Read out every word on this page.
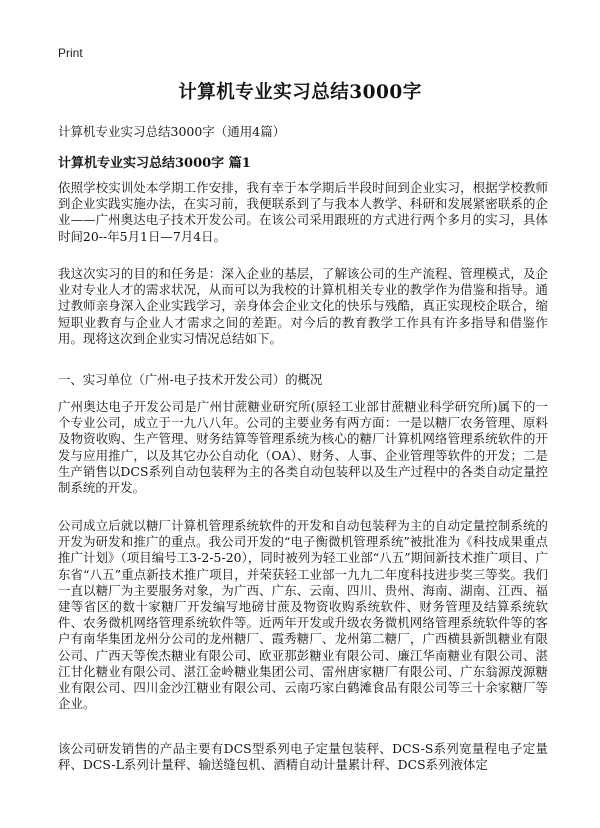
Print
计算机专业实习总结3000字
计算机专业实习总结3000字（通用4篇）
计算机专业实习总结3000字 篇1
依照学校实训处本学期工作安排，我有幸于本学期后半段时间到企业实习，根据学校教师到企业实践实施办法，在实习前，我便联系到了与我本人教学、科研和发展紧密联系的企业——广州奥达电子技术开发公司。在该公司采用跟班的方式进行两个多月的实习，具体时间20--年5月1日—7月4日。
我这次实习的目的和任务是：深入企业的基层，了解该公司的生产流程、管理模式，及企业对专业人才的需求状况，从而可以为我校的计算机相关专业的教学作为借鉴和指导。通过教师亲身深入企业实践学习，亲身体会企业文化的快乐与残酷，真正实现校企联合，缩短职业教育与企业人才需求之间的差距。对今后的教育教学工作具有许多指导和借鉴作用。现将这次到企业实习情况总结如下。
一、实习单位（广州-电子技术开发公司）的概况
广州奥达电子开发公司是广州甘蔗糖业研究所(原轻工业部甘蔗糖业科学研究所)属下的一个专业公司，成立于一九八八年。公司的主要业务有两方面：一是以糖厂农务管理、原料及物资收购、生产管理、财务结算等管理系统为核心的糖厂计算机网络管理系统软件的开发与应用推广，以及其它办公自动化（OA）、财务、人事、企业管理等软件的开发；二是生产销售以DCS系列自动包装秤为主的各类自动包装秤以及生产过程中的各类自动定量控制系统的开发。
公司成立后就以糖厂计算机管理系统软件的开发和自动包装秤为主的自动定量控制系统的开发为研发和推广的重点。我公司开发的“电子衡微机管理系统”被批准为《科技成果重点推广计划》（项目编号工3-2-5-20），同时被列为轻工业部“八五”期间新技术推广项目、广东省“八五”重点新技术推广项目，并荣获轻工业部一九九二年度科技进步奖三等奖。我们一直以糖厂为主要服务对象，为广西、广东、云南、四川、贵州、海南、湖南、江西、福建等省区的数十家糖厂开发编写地磅甘蔗及物资收购系统软件、财务管理及结算系统软件、农务微机网络管理系统软件等。近两年开发或升级农务微机网络管理系统软件等的客户有南华集团龙州分公司的龙州糖厂、霞秀糖厂、龙州第二糖厂，广西横县新凯糖业有限公司、广西天等俟杰糖业有限公司、欧亚那彭糖业有限公司、廉江华南糖业有限公司、湛江甘化糖业有限公司、湛江金岭糖业集团公司、雷州唐家糖厂有限公司、广东翁源茂源糖业有限公司、四川金沙江糖业有限公司、云南巧家白鹤滩食品有限公司等三十余家糖厂等企业。
该公司研发销售的产品主要有DCS型系列电子定量包装秤、DCS-S系列宽量程电子定量秤、DCS-L系列计量秤、输送缝包机、酒精自动计量累计秤、DCS系列液体定
